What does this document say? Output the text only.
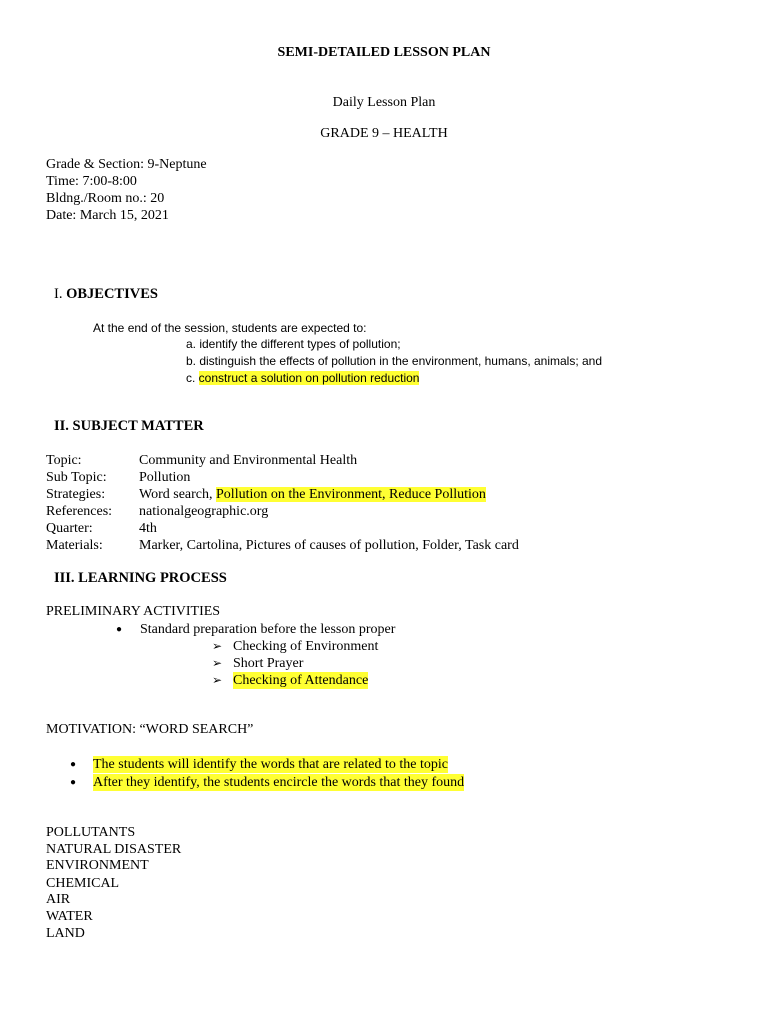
SEMI-DETAILED LESSON PLAN
Daily Lesson Plan
GRADE 9 – HEALTH
Grade & Section: 9-Neptune
Time: 7:00-8:00
Bldng./Room no.: 20
Date: March 15, 2021
I. OBJECTIVES
At the end of the session, students are expected to:
a. identify the different types of pollution;
b. distinguish the effects of pollution in the environment, humans, animals; and
c. construct a solution on pollution reduction
II. SUBJECT MATTER
Topic:	Community and Environmental Health
Sub Topic: Pollution
Strategies: Word search, Pollution on the Environment, Reduce Pollution
References: nationalgeographic.org
Quarter:	4th
Materials:	Marker, Cartolina, Pictures of causes of pollution, Folder, Task card
III. LEARNING PROCESS
PRELIMINARY ACTIVITIES
● Standard preparation before the lesson proper
➢ Checking of Environment
➢ Short Prayer
➢ Checking of Attendance
MOTIVATION: “WORD SEARCH”
● The students will identify the words that are related to the topic
● After they identify, the students encircle the words that they found
POLLUTANTS
NATURAL DISASTER
ENVIRONMENT
CHEMICAL
AIR
WATER
LAND
